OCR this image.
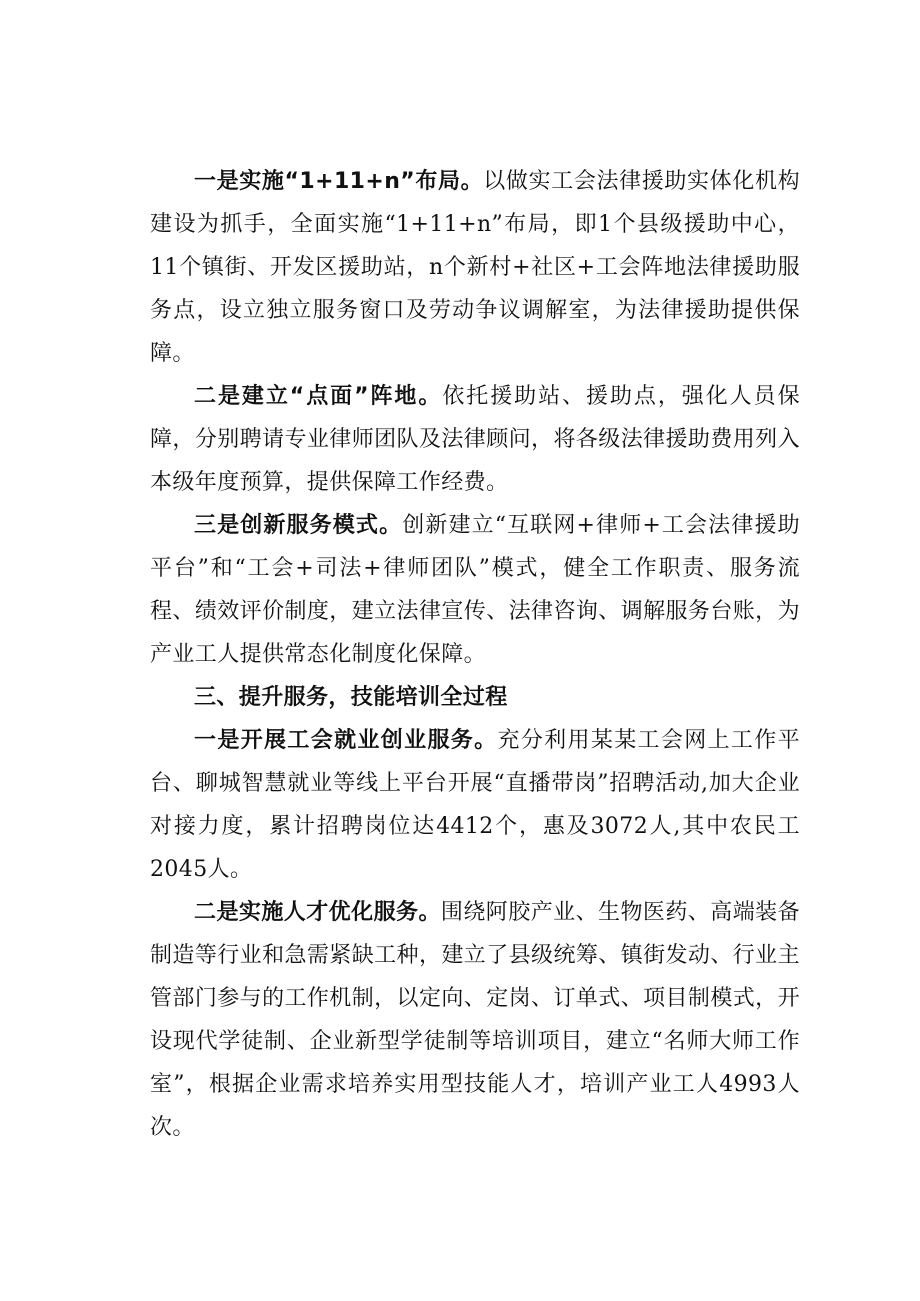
一是实施“1+11+n”布局。以做实工会法律援助实体化机构建设为抓手，全面实施“1+11+n”布局，即1个县级援助中心，11个镇街、开发区援助站，n个新村+社区+工会阵地法律援助服务点，设立独立服务窗口及劳动争议调解室，为法律援助提供保障。

二是建立“点面”阵地。依托援助站、援助点，强化人员保障，分别聘请专业律师团队及法律顾问，将各级法律援助费用列入本级年度预算，提供保障工作经费。

三是创新服务模式。创新建立“互联网+律师+工会法律援助平台”和“工会+司法+律师团队”模式，健全工作职责、服务流程、绩效评价制度，建立法律宣传、法律咨询、调解服务台账，为产业工人提供常态化制度化保障。

三、提升服务，技能培训全过程

一是开展工会就业创业服务。充分利用某某工会网上工作平台、聊城智慧就业等线上平台开展“直播带岗”招聘活动,加大企业对接力度，累计招聘岗位达4412个，惠及3072人,其中农民工2045人。

二是实施人才优化服务。围绕阿胶产业、生物医药、高端装备制造等行业和急需紧缺工种，建立了县级统筹、镇街发动、行业主管部门参与的工作机制，以定向、定岗、订单式、项目制模式，开设现代学徒制、企业新型学徒制等培训项目，建立“名师大师工作室”，根据企业需求培养实用型技能人才，培训产业工人4993人次。
